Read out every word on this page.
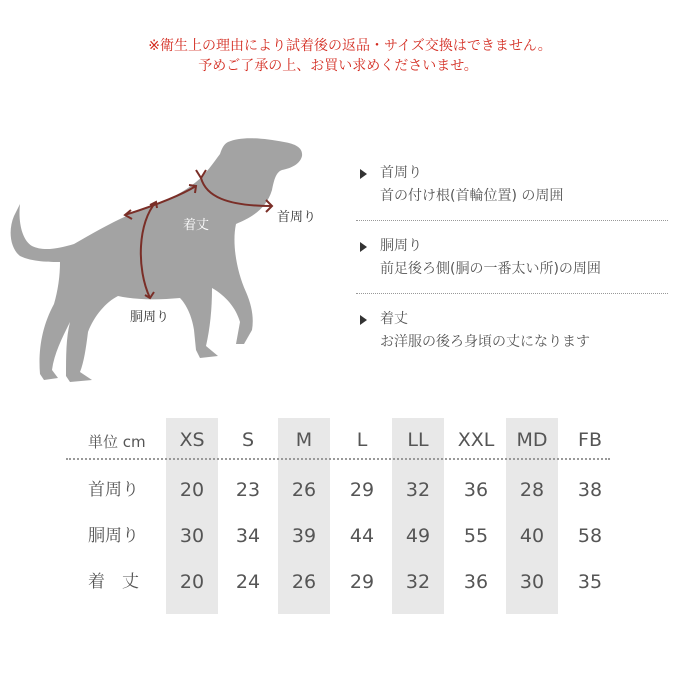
※衛生上の理由により試着後の返品・サイズ交換はできません。
予めご了承の上、お買い求めくださいませ。
着丈
首周り
胴周り
首周り
首の付け根(首輪位置) の周囲
胴周り
前足後ろ側(胴の一番太い所)の周囲
着丈
お洋服の後ろ身頃の丈になります
単位 cm	XS	S	M	L	LL	XXL	MD	FB
首周り	20	23	26	29	32	36	28	38
胴周り	30	34	39	44	49	55	40	58
着　丈	20	24	26	29	32	36	30	35
